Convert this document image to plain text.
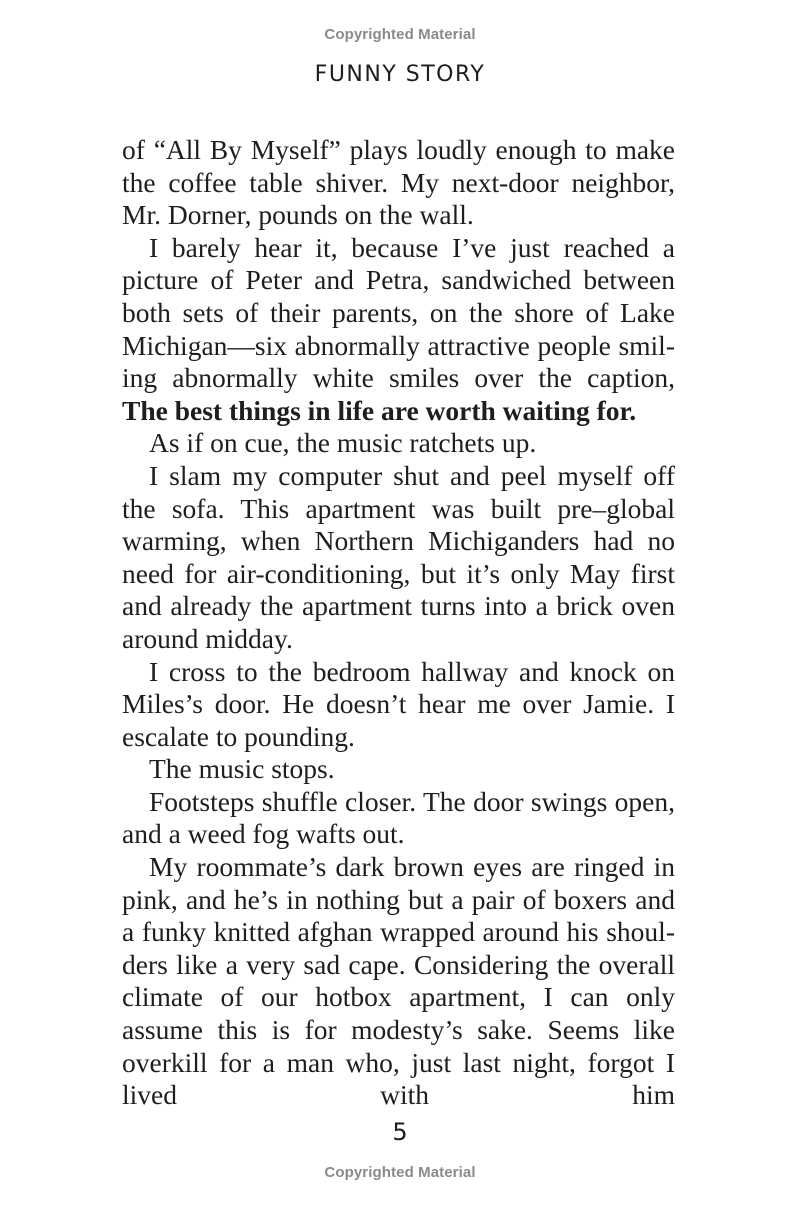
Copyrighted Material
FUNNY STORY

of “All By Myself” plays loudly enough to make the coffee table shiver. My next-door neighbor, Mr. Dorner, pounds on the wall.

I barely hear it, because I’ve just reached a picture of Peter and Petra, sandwiched between both sets of their parents, on the shore of Lake Michigan—six abnormally attractive people smiling abnormally white smiles over the caption, The best things in life are worth waiting for.

As if on cue, the music ratchets up.

I slam my computer shut and peel myself off the sofa. This apartment was built pre–global warming, when Northern Michiganders had no need for air-conditioning, but it’s only May first and already the apartment turns into a brick oven around midday.

I cross to the bedroom hallway and knock on Miles’s door. He doesn’t hear me over Jamie. I escalate to pounding.

The music stops.

Footsteps shuffle closer. The door swings open, and a weed fog wafts out.

My roommate’s dark brown eyes are ringed in pink, and he’s in nothing but a pair of boxers and a funky knitted afghan wrapped around his shoulders like a very sad cape. Considering the overall climate of our hotbox apartment, I can only assume this is for modesty’s sake. Seems like overkill for a man who, just last night, forgot I lived with him

5
Copyrighted Material
